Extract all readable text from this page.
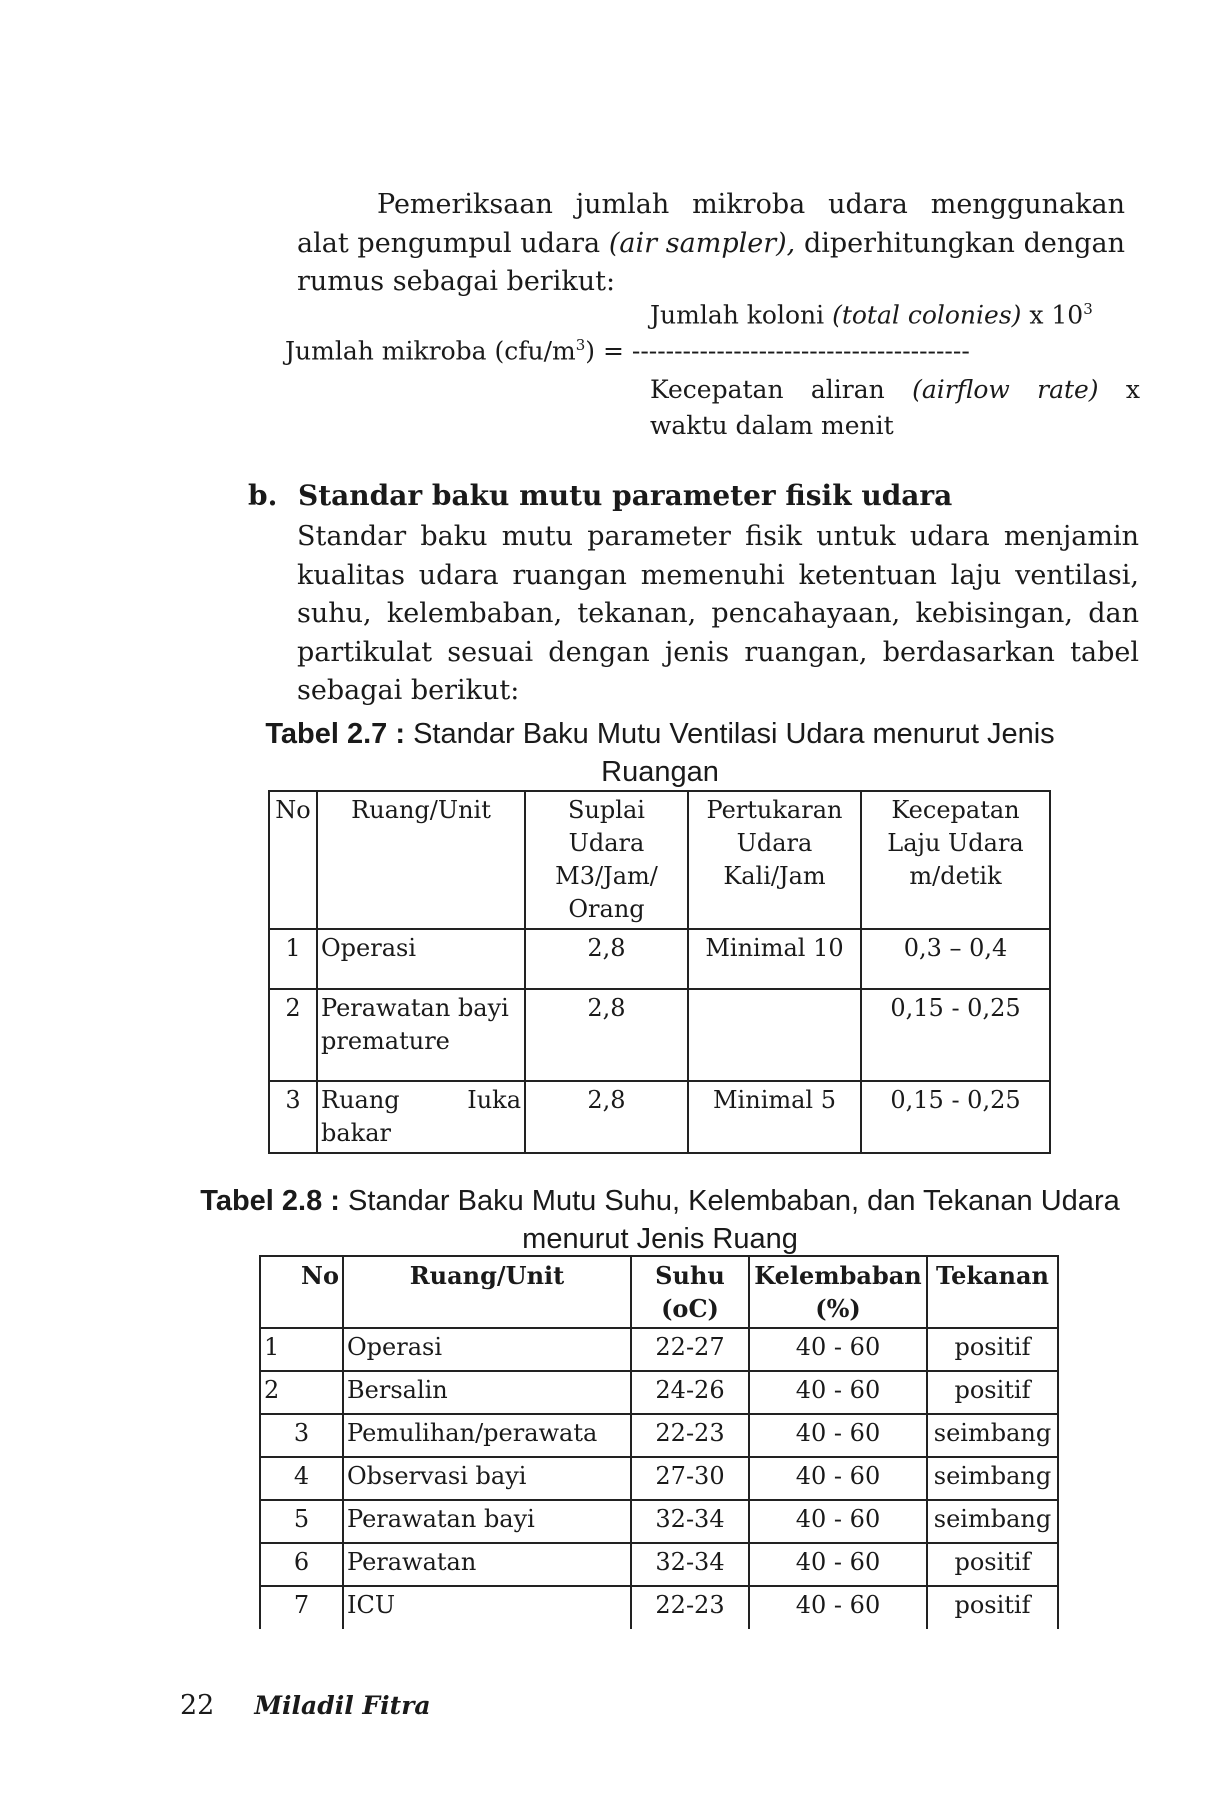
Pemeriksaan jumlah mikroba udara menggunakan alat pengumpul udara (air sampler), diperhitungkan dengan rumus sebagai berikut:
Jumlah koloni (total colonies) x $10^3$
Jumlah mikroba $(cfu/m^3)$ = ----------------------------------------
Kecepatan aliran (airflow rate) x waktu dalam menit
b. Standar baku mutu parameter fisik udara
Standar baku mutu parameter fisik untuk udara menjamin kualitas udara ruangan memenuhi ketentuan laju ventilasi, suhu, kelembaban, tekanan, pencahayaan, kebisingan, dan partikulat sesuai dengan jenis ruangan, berdasarkan tabel sebagai berikut:
Tabel 2.7 : Standar Baku Mutu Ventilasi Udara menurut Jenis Ruangan
No	Ruang/Unit	Suplai Udara M3/Jam/ Orang	Pertukaran Udara Kali/Jam	Kecepatan Laju Udara m/detik
1	Operasi	2,8	Minimal 10	0,3 – 0,4
2	Perawatan bayi premature	2,8		0,15 - 0,25
3	Ruang Iuka bakar	2,8	Minimal 5	0,15 - 0,25
Tabel 2.8 : Standar Baku Mutu Suhu, Kelembaban, dan Tekanan Udara menurut Jenis Ruang
No	Ruang/Unit	Suhu (oC)	Kelembaban (%)	Tekanan
1	Operasi	22-27	40 - 60	positif
2	Bersalin	24-26	40 - 60	positif
3	Pemulihan/perawata	22-23	40 - 60	seimbang
4	Observasi bayi	27-30	40 - 60	seimbang
5	Perawatan bayi	32-34	40 - 60	seimbang
6	Perawatan	32-34	40 - 60	positif
7	ICU	22-23	40 - 60	positif
22 Miladil Fitra
